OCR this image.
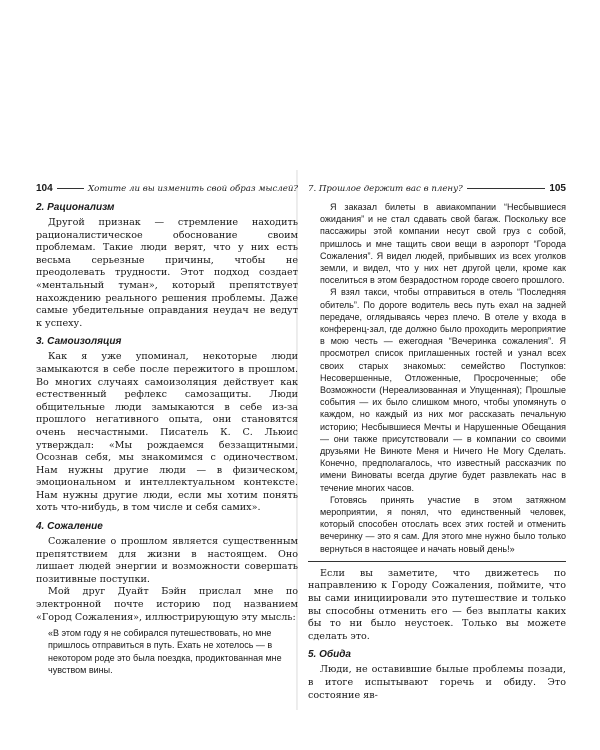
104	Хотите ли вы изменить свой образ мыслей?
2. Рационализм

Другой признак — стремление находить рационалистическое обоснование своим проблемам. Такие люди верят, что у них есть весьма серьезные причины, чтобы не преодолевать трудности. Этот подход создает «ментальный туман», который препятствует нахождению реального решения проблемы. Даже самые убедительные оправдания неудач не ведут к успеху.

3. Самоизоляция

Как я уже упоминал, некоторые люди замыкаются в себе после пережитого в прошлом. Во многих случаях самоизоляция действует как естественный рефлекс самозащиты. Люди общительные люди замыкаются в себе из-за прошлого негативного опыта, они становятся очень несчастными. Писатель К. С. Льюис утверждал: «Мы рождаемся беззащитными. Осознав себя, мы знакомимся с одиночеством. Нам нужны другие люди — в физическом, эмоциональном и интеллектуальном контексте. Нам нужны другие люди, если мы хотим понять хоть что-нибудь, в том числе и себя самих».

4. Сожаление

Сожаление о прошлом является существенным препятствием для жизни в настоящем. Оно лишает людей энергии и возможности совершать позитивные поступки.

Мой друг Дуайт Бэйн прислал мне по электронной почте историю под названием «Город Сожаления», иллюстрирующую эту мысль:

«В этом году я не собирался путешествовать, но мне пришлось отправиться в путь. Ехать не хотелось — в некотором роде это была поездка, продиктованная мне чувством вины.
7. Прошлое держит вас в плену?	105

Я заказал билеты в авиакомпании “Несбывшиеся ожидания” и не стал сдавать свой багаж. Поскольку все пассажиры этой компании несут свой груз с собой, пришлось и мне тащить свои вещи в аэропорт “Города Сожаления”. Я видел людей, прибывших из всех уголков земли, и видел, что у них нет другой цели, кроме как поселиться в этом безрадостном городе своего прошлого.

Я взял такси, чтобы отправиться в отель “Последняя обитель”. По дороге водитель весь путь ехал на задней передаче, оглядываясь через плечо. В отеле у входа в конференц-зал, где должно было проходить мероприятие в мою честь — ежегодная “Вечеринка сожаления”. Я просмотрел список приглашенных гостей и узнал всех своих старых знакомых: семейство Поступков: Несовершенные, Отложенные, Просроченные; обе Возможности (Нереализованная и Упущенная); Прошлые события — их было слишком много, чтобы упомянуть о каждом, но каждый из них мог рассказать печальную историю; Несбывшиеся Мечты и Нарушенные Обещания — они также присутствовали — в компании со своими друзьями Не Винюте Меня и Ничего Не Могу Сделать. Конечно, предполагалось, что известный рассказчик по имени Виноваты всегда другие будет развлекать нас в течение многих часов.

Готовясь принять участие в этом затяжном мероприятии, я понял, что единственный человек, который способен отослать всех этих гостей и отменить вечеринку — это я сам. Для этого мне нужно было только вернуться в настоящее и начать новый день!»

Если вы заметите, что движетесь по направлению к Городу Сожаления, поймите, что вы сами инициировали это путешествие и только вы способны отменить его — без выплаты каких бы то ни было неустоек. Только вы можете сделать это.

5. Обида

Люди, не оставившие былые проблемы позади, в итоге испытывают горечь и обиду. Это состояние яв-
